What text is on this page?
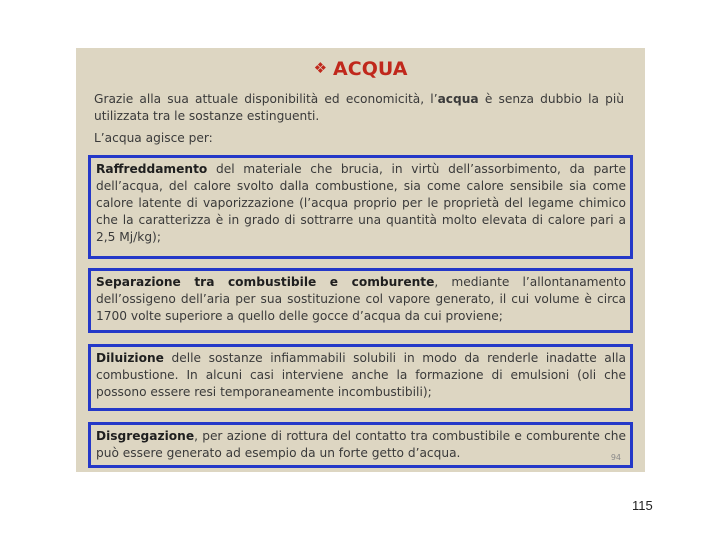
❖ ACQUA

Grazie alla sua attuale disponibilità ed economicità, l’acqua è senza dubbio la più utilizzata tra le sostanze estinguenti.

L’acqua agisce per:

Raffreddamento del materiale che brucia, in virtù dell’assorbimento, da parte dell’acqua, del calore svolto dalla combustione, sia come calore sensibile sia come calore latente di vaporizzazione (l’acqua proprio per le proprietà del legame chimico che la caratterizza è in grado di sottrarre una quantità molto elevata di calore pari a 2,5 Mj/kg);
Separazione tra combustibile e comburente, mediante l’allontanamento dell’ossigeno dell’aria per sua sostituzione col vapore generato, il cui volume è circa 1700 volte superiore a quello delle gocce d’acqua da cui proviene;
Diluizione delle sostanze infiammabili solubili in modo da renderle inadatte alla combustione. In alcuni casi interviene anche la formazione di emulsioni (oli che possono essere resi temporaneamente incombustibili);
Disgregazione, per azione di rottura del contatto tra combustibile e comburente che può essere generato ad esempio da un forte getto d’acqua.	94
115
